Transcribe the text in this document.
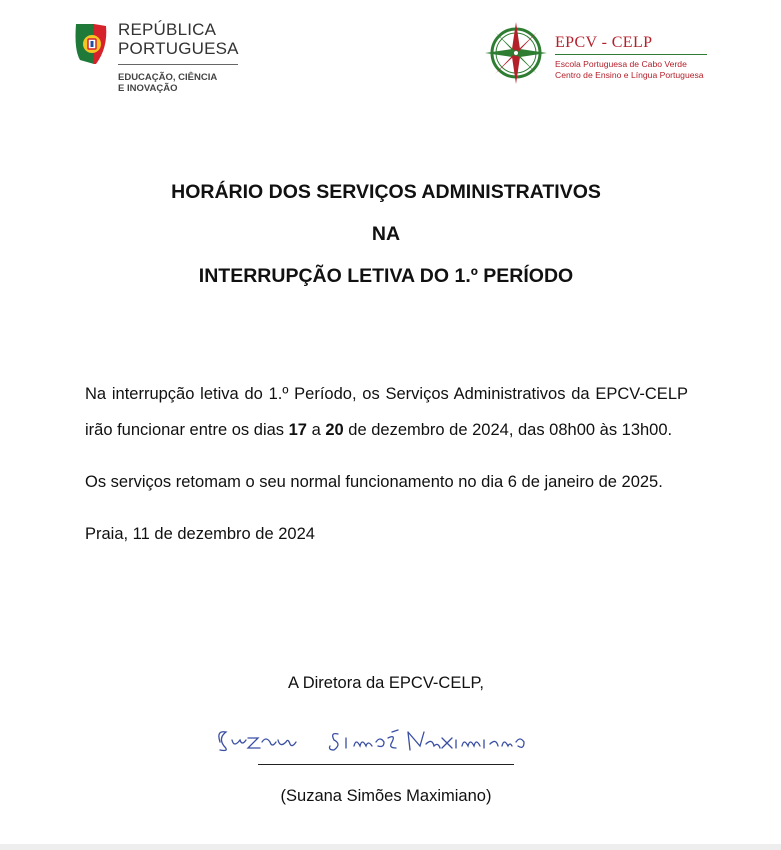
REPÚBLICA
PORTUGUESA
EDUCAÇÃO, CIÊNCIA
E INOVAÇÃO
EPCV - CELP
Escola Portuguesa de Cabo Verde
Centro de Ensino e Língua Portuguesa
HORÁRIO DOS SERVIÇOS ADMINISTRATIVOS
NA
INTERRUPÇÃO LETIVA DO 1.º PERÍODO

Na interrupção letiva do 1.º Período, os Serviços Administrativos da EPCV-CELP irão funcionar entre os dias 17 a 20 de dezembro de 2024, das 08h00 às 13h00.

Os serviços retomam o seu normal funcionamento no dia 6 de janeiro de 2025.

Praia, 11 de dezembro de 2024

A Diretora da EPCV-CELP,
Suzana Simões Maximiano
(Suzana Simões Maximiano)
